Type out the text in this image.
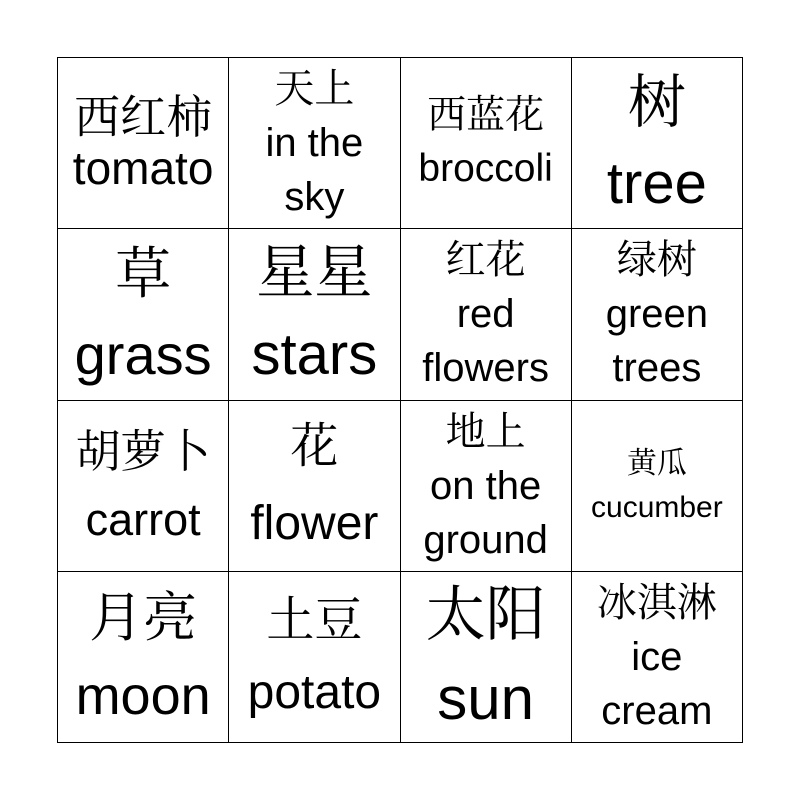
西红柿
tomato
天上
in the
sky
西蓝花
broccoli
树
tree
草
grass
星星
stars
红花
red
flowers
绿树
green
trees
胡萝卜
carrot
花
flower
地上
on the
ground
黄瓜
cucumber
月亮
moon
土豆
potato
太阳
sun
冰淇淋
ice
cream
